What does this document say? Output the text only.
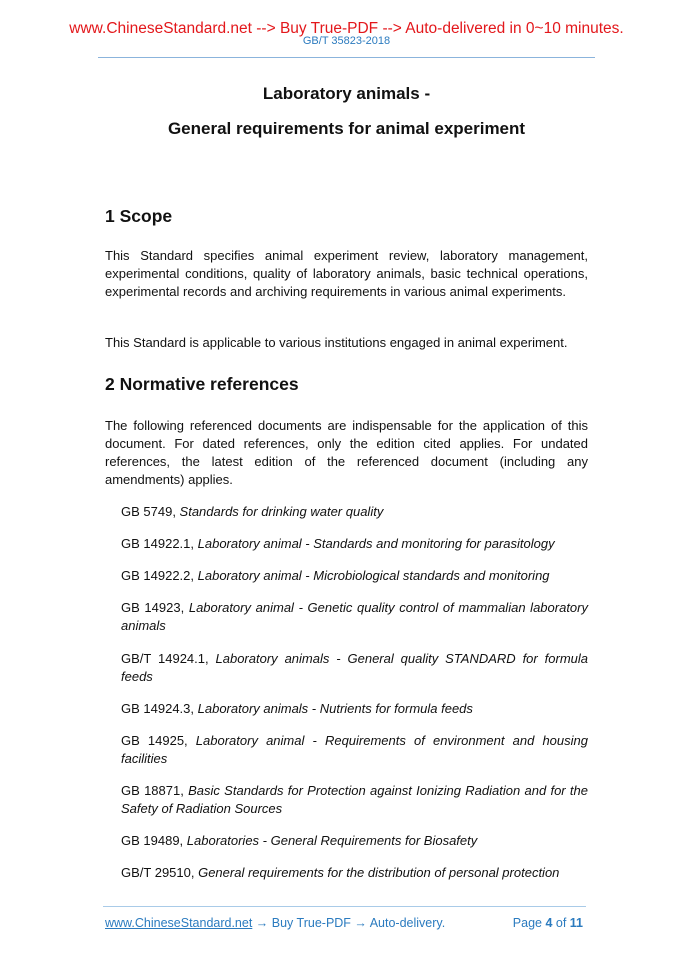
www.ChineseStandard.net --> Buy True-PDF --> Auto-delivered in 0~10 minutes.
GB/T 35823-2018
Laboratory animals -
General requirements for animal experiment
1 Scope

This Standard specifies animal experiment review, laboratory management, experimental conditions, quality of laboratory animals, basic technical operations, experimental records and archiving requirements in various animal experiments.

This Standard is applicable to various institutions engaged in animal experiment.

2 Normative references

The following referenced documents are indispensable for the application of this document. For dated references, only the edition cited applies. For undated references, the latest edition of the referenced document (including any amendments) applies.

GB 5749, Standards for drinking water quality
GB 14922.1, Laboratory animal - Standards and monitoring for parasitology
GB 14922.2, Laboratory animal - Microbiological standards and monitoring
GB 14923, Laboratory animal - Genetic quality control of mammalian laboratory animals
GB/T 14924.1, Laboratory animals - General quality STANDARD for formula feeds
GB 14924.3, Laboratory animals - Nutrients for formula feeds
GB 14925, Laboratory animal - Requirements of environment and housing facilities
GB 18871, Basic Standards for Protection against Ionizing Radiation and for the Safety of Radiation Sources
GB 19489, Laboratories - General Requirements for Biosafety
GB/T 29510, General requirements for the distribution of personal protection
www.ChineseStandard.net → Buy True-PDF → Auto-delivery.	Page 4 of 11
